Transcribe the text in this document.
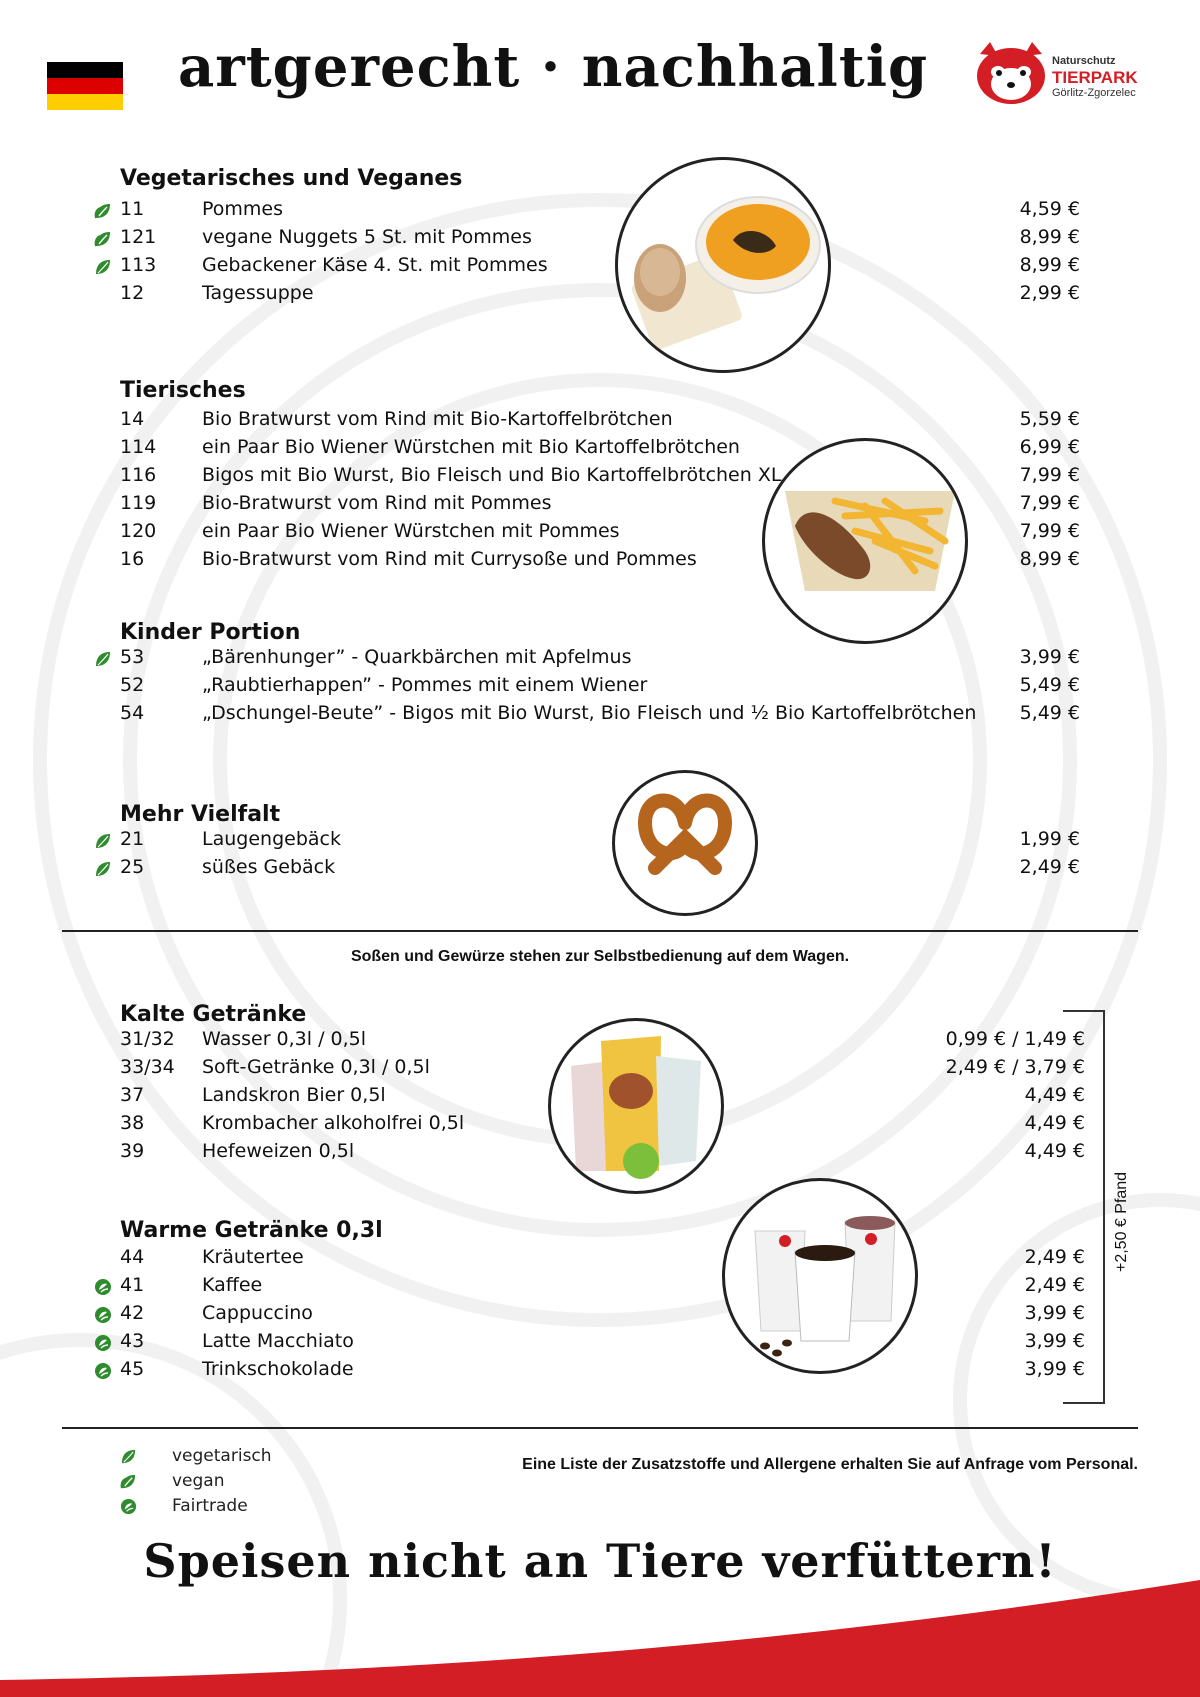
artgerecht · nachhaltig	Naturschutz
TIERPARK
Görlitz-Zgorzelec
Vegetarisches und Veganes
11	Pommes	4,59 €
121 vegane Nuggets 5 St. mit Pommes	8,99 €
113 Gebackener Käse 4. St. mit Pommes	8,99 €
12	Tagessuppe	2,99 €
Tierisches
14	Bio Bratwurst vom Rind mit Bio-Kartoffelbrötchen	5,59 €
114 ein Paar Bio Wiener Würstchen mit Bio Kartoffelbrötchen	6,99 €
116 Bigos mit Bio Wurst, Bio Fleisch und Bio Kartoffelbrötchen XL	7,99 €
119 Bio-Bratwurst vom Rind mit Pommes	7,99 €
120 ein Paar Bio Wiener Würstchen mit Pommes	7,99 €
16	Bio-Bratwurst vom Rind mit Currysoße und Pommes	8,99 €
Kinder Portion
53	„Bärenhunger” - Quarkbärchen mit Apfelmus	3,99 €
52	„Raubtierhappen” - Pommes mit einem Wiener	5,49 €
54	„Dschungel-Beute” - Bigos mit Bio Wurst, Bio Fleisch und ½ Bio Kartoffelbrötchen 5,49 €
Mehr Vielfalt
21	Laugengebäck	1,99 €
25	süßes Gebäck	2,49 €
Soßen und Gewürze stehen zur Selbstbedienung auf dem Wagen.
Kalte Getränke
31/32 Wasser 0,3l / 0,5l	0,99 € / 1,49 €
33/34 Soft-Getränke 0,3l / 0,5l	2,49 € / 3,79 €
37	Landskron Bier 0,5l	4,49 €
38	Krombacher alkoholfrei 0,5l	4,49 €
39	Hefeweizen 0,5l	4,49 €
Warme Getränke 0,3l
44	Kräutertee	2,49 €
41	Kaffee	2,49 €
42	Cappuccino	3,99 €
43	Latte Macchiato	3,99 €
45	Trinkschokolade	3,99 €
+2,50 € Pfand
vegetarisch
vegan
Fairtrade
Eine Liste der Zusatzstoffe und Allergene erhalten Sie auf Anfrage vom Personal.
Speisen nicht an Tiere verfüttern!
